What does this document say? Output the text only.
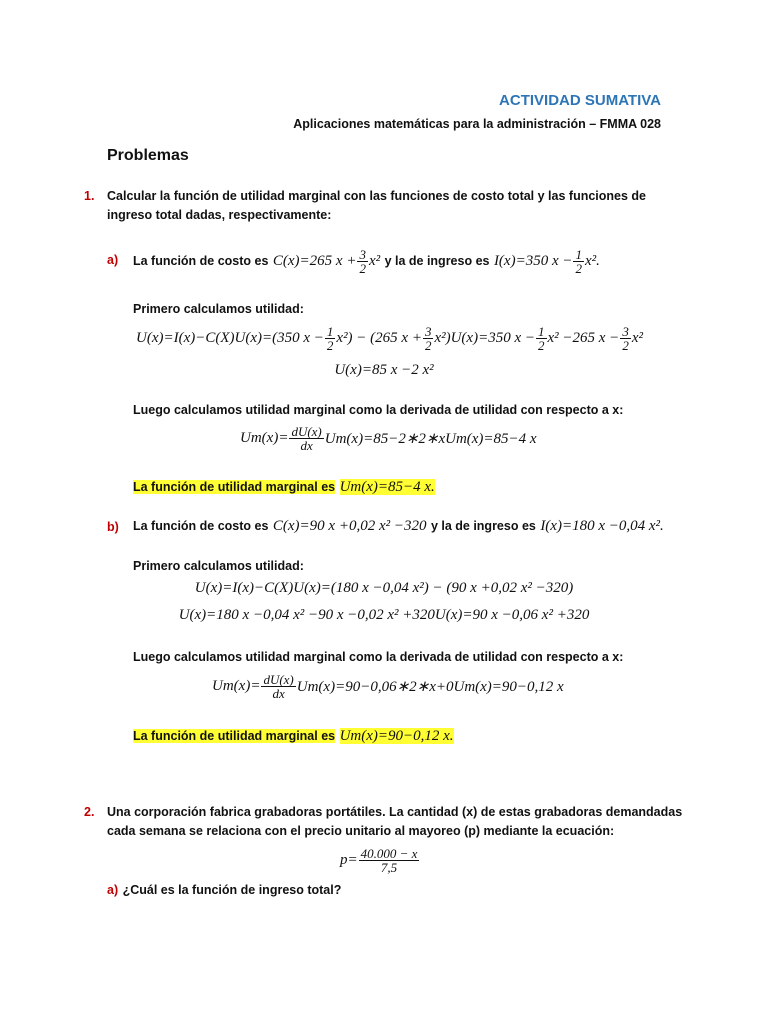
ACTIVIDAD SUMATIVA
Aplicaciones matemáticas para la administración – FMMA 028
Problemas
1. Calcular la función de utilidad marginal con las funciones de costo total y las funciones de
ingreso total dadas, respectivamente:
a) La función de costo es
C(x)=265 $x + \frac{3}{2} x^2$
y la de ingreso es
I(x)=350 $x - \frac{1}{2} x^2$.
Primero calculamos utilidad:
U(x)=I(x)−C(X)U(x)=(350 $x - \frac{1}{2} x^2) - (265$ $x + \frac{3}{2} x^2)U(x)=350$ $x - \frac{1}{2} x^2 -265$ $x - \frac{3}{2} x^2$
U(x)=85 x −2 x²
Luego calculamos utilidad marginal como la derivada de utilidad con respecto a x:
$Um(x)= \frac{dU(x)}{dx}$ Um(x)=85−2∗2∗xUm(x)=85−4 x
La función de utilidad marginal es Um(x)=85−4 x.
b) La función de costo es C(x)=90 x +0,02 x² −320 y la de ingreso es I(x)=180 x −0,04 x².
Primero calculamos utilidad:
U(x)=I(x)−C(X)U(x)=(180 x −0,04 x²) − (90 x +0,02 x² −320)
U(x)=180 x −0,04 x² −90 x −0,02 x² +320U(x)=90 x −0,06 x² +320
Luego calculamos utilidad marginal como la derivada de utilidad con respecto a x:
$Um(x)= \frac{dU(x)}{dx}$ Um(x)=90−0,06∗2∗x+0Um(x)=90−0,12 x
La función de utilidad marginal es Um(x)=90−0,12 x.
2. Una corporación fabrica grabadoras portátiles. La cantidad (x) de estas grabadoras demandadas
cada semana se relaciona con el precio unitario al mayoreo (p) mediante la ecuación:
$p= \frac{40.000 - x}{7,5}$
a) ¿Cuál es la función de ingreso total?
